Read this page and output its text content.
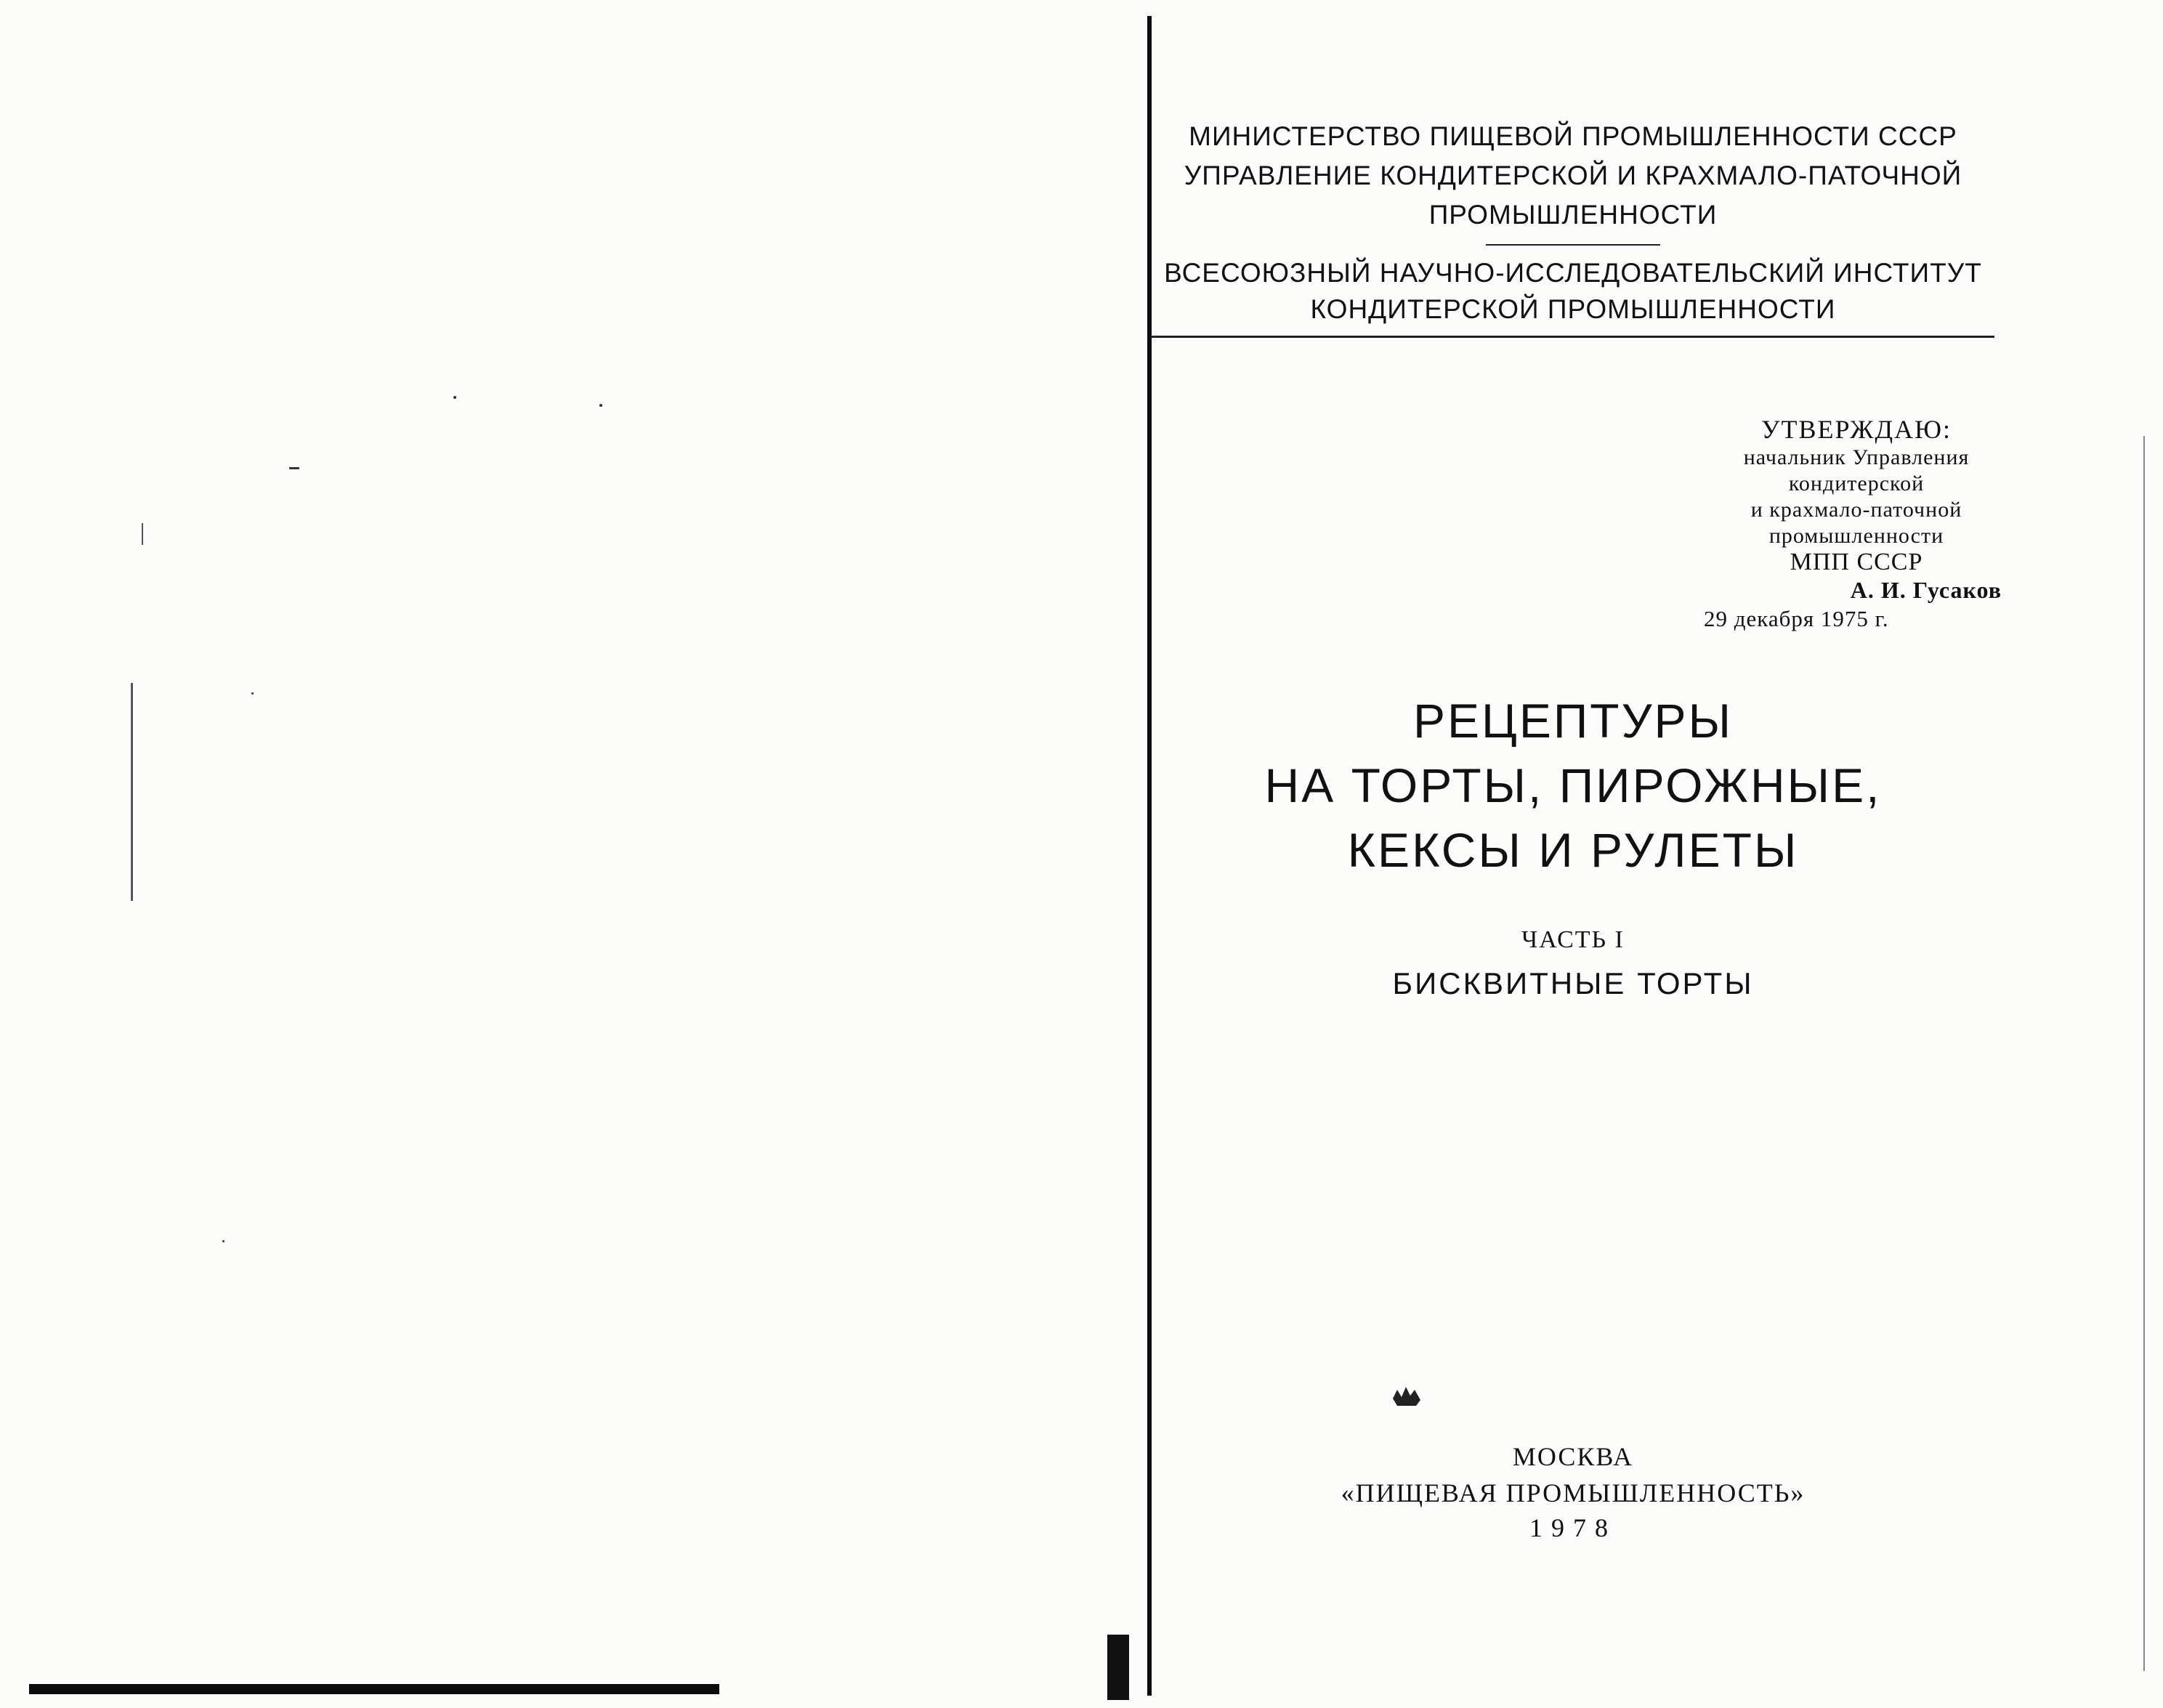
МИНИСТЕРСТВО ПИЩЕВОЙ ПРОМЫШЛЕННОСТИ СССР
УПРАВЛЕНИЕ КОНДИТЕРСКОЙ И КРАХМАЛО-ПАТОЧНОЙ
ПРОМЫШЛЕННОСТИ
ВСЕСОЮЗНЫЙ НАУЧНО-ИССЛЕДОВАТЕЛЬСКИЙ ИНСТИТУТ
КОНДИТЕРСКОЙ ПРОМЫШЛЕННОСТИ
УТВЕРЖДАЮ:
начальник Управления
кондитерской
и крахмало-паточной
промышленности
МПП СССР
А. И. Гусаков
29 декабря 1975 г.
РЕЦЕПТУРЫ
НА ТОРТЫ, ПИРОЖНЫЕ,
КЕКСЫ И РУЛЕТЫ
ЧАСТЬ I
БИСКВИТНЫЕ ТОРТЫ
МОСКВА
«ПИЩЕВАЯ ПРОМЫШЛЕННОСТЬ»
1978
